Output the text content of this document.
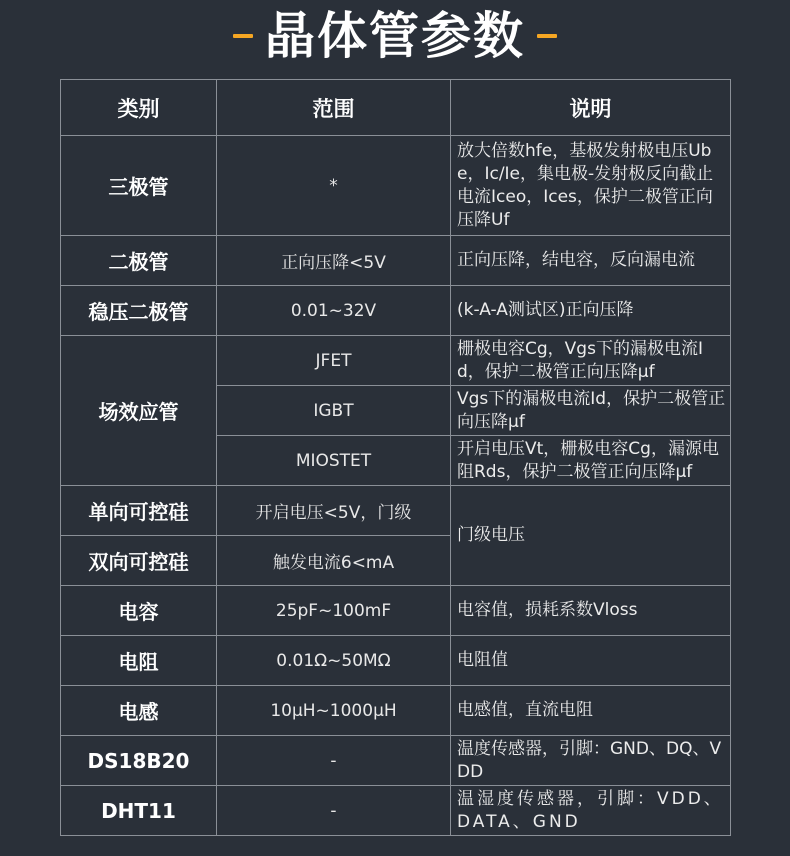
晶体管参数
类别	范围	说明
三极管	*	放大倍数hfe，基极发射极电压Ube，Ic/Ie，集电极-发射极反向截止电流Iceo，Ices，保护二极管正向压降Uf
二极管	正向压降<5V	正向压降，结电容，反向漏电流
稳压二极管	0.01~32V	(k-A-A测试区)正向压降
场效应管	JFET	栅极电容Cg，Vgs下的漏极电流Id，保护二极管正向压降μf
	IGBT	Vgs下的漏极电流Id，保护二极管正向压降μf
	MIOSTET	开启电压Vt，栅极电容Cg，漏源电阻Rds，保护二极管正向压降μf
单向可控硅	开启电压<5V，门级	门级电压
双向可控硅	触发电流6<mA	
电容	25pF~100mF	电容值，损耗系数Vloss
电阻	0.01Ω~50MΩ	电阻值
电感	10μH~1000μH	电感值，直流电阻
DS18B20	-	温度传感器，引脚：GND、DQ、VDD
DHT11	-	温湿度传感器，引脚：VDD、DATA、GND
